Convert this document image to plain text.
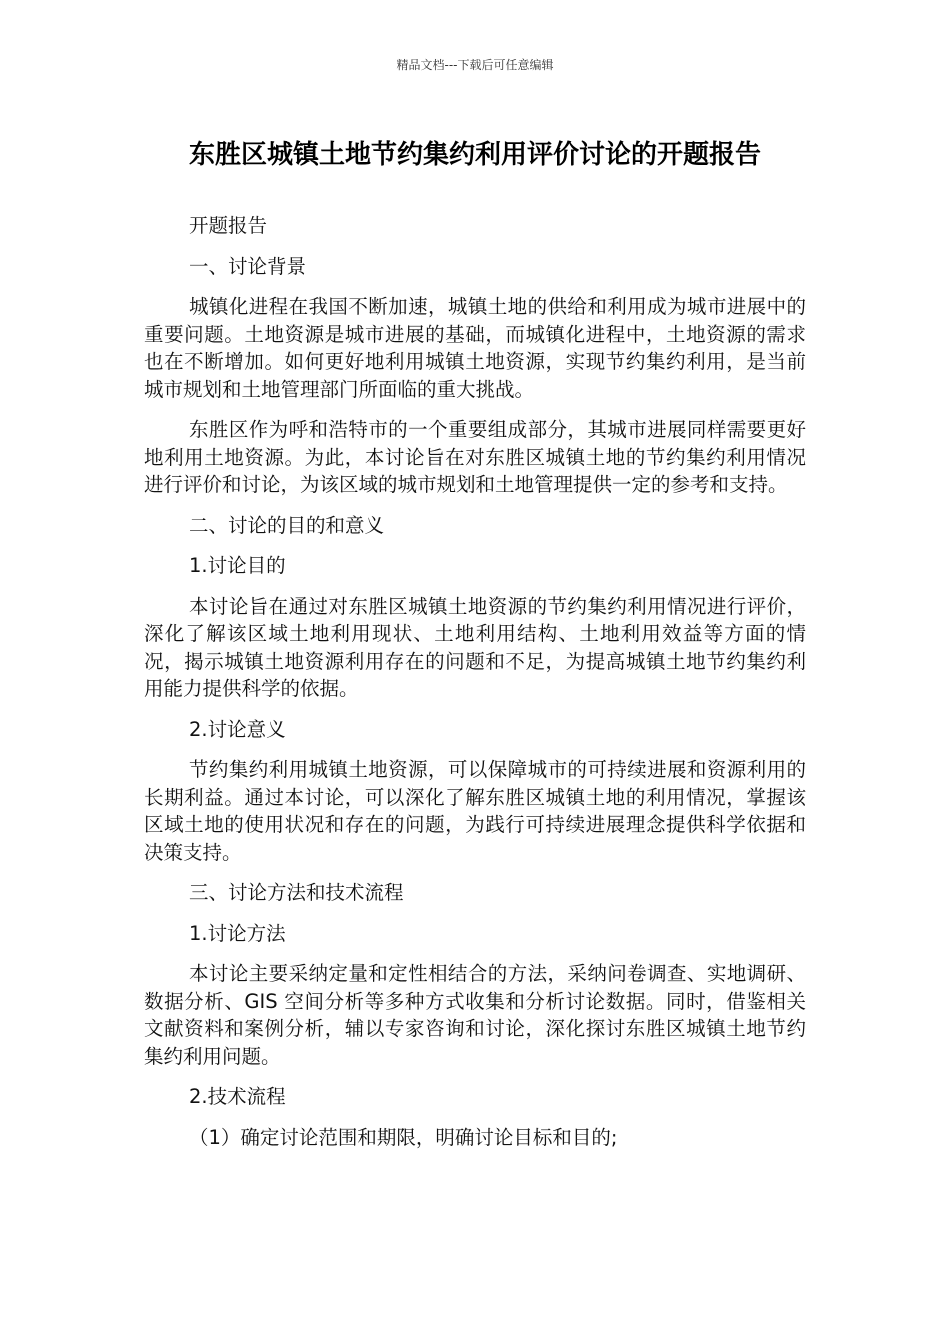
精品文档---下载后可任意编辑
东胜区城镇土地节约集约利用评价讨论的开题报告

开题报告

一、讨论背景

城镇化进程在我国不断加速，城镇土地的供给和利用成为城市进展中的重要问题。土地资源是城市进展的基础，而城镇化进程中，土地资源的需求也在不断增加。如何更好地利用城镇土地资源，实现节约集约利用，是当前城市规划和土地管理部门所面临的重大挑战。

东胜区作为呼和浩特市的一个重要组成部分，其城市进展同样需要更好地利用土地资源。为此，本讨论旨在对东胜区城镇土地的节约集约利用情况进行评价和讨论，为该区域的城市规划和土地管理提供一定的参考和支持。

二、讨论的目的和意义

1.讨论目的

本讨论旨在通过对东胜区城镇土地资源的节约集约利用情况进行评价，深化了解该区域土地利用现状、土地利用结构、土地利用效益等方面的情况，揭示城镇土地资源利用存在的问题和不足，为提高城镇土地节约集约利用能力提供科学的依据。

2.讨论意义

节约集约利用城镇土地资源，可以保障城市的可持续进展和资源利用的长期利益。通过本讨论，可以深化了解东胜区城镇土地的利用情况，掌握该区域土地的使用状况和存在的问题，为践行可持续进展理念提供科学依据和决策支持。

三、讨论方法和技术流程

1.讨论方法

本讨论主要采纳定量和定性相结合的方法，采纳问卷调查、实地调研、数据分析、GIS 空间分析等多种方式收集和分析讨论数据。同时，借鉴相关文献资料和案例分析，辅以专家咨询和讨论，深化探讨东胜区城镇土地节约集约利用问题。

2.技术流程

（1）确定讨论范围和期限，明确讨论目标和目的;
